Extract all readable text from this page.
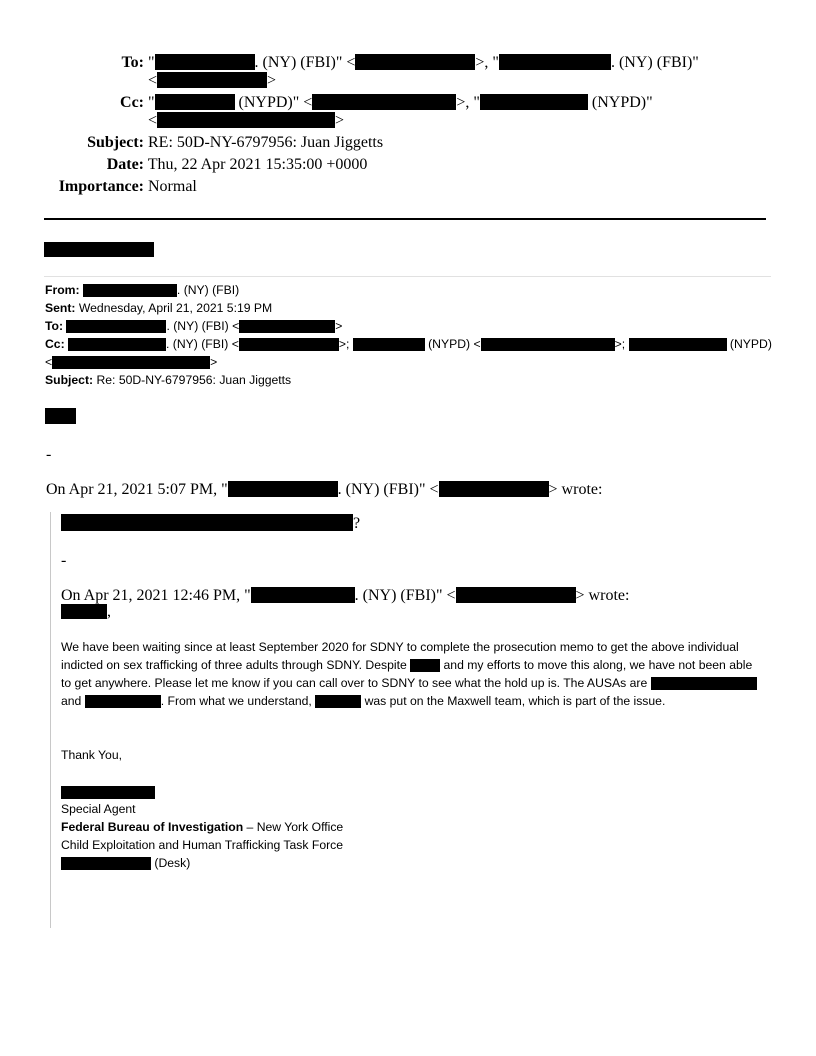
To: "	. (NY) (FBI)" <	>, "	. (NY) (FBI)"
<	>
Cc: "	(NYPD)" <	>, "	(NYPD)"
<	>
Subject: RE: 50D-NY-6797956: Juan Jiggetts
Date: Thu, 22 Apr 2021 15:35:00 +0000
Importance: Normal
From:	. (NY) (FBI)
Sent: Wednesday, April 21, 2021 5:19 PM
To:	. (NY) (FBI) <	>
Cc:	. (NY) (FBI) <	>;	(NYPD) <	>;	(NYPD)
<	>
Subject: Re: 50D-NY-6797956: Juan Jiggetts
-
On Apr 21, 2021 5:07 PM, "	. (NY) (FBI)" <	> wrote:
?
-
On Apr 21, 2021 12:46 PM, "	. (NY) (FBI)" <	> wrote:
,
We have been waiting since at least September 2020 for SDNY to complete the prosecution memo to get the above individual indicted on sex trafficking of three adults through SDNY. Despite	and my efforts to move this along, we have not been able to get anywhere. Please let me know if you can call over to SDNY to see what the hold up is. The AUSAs are  and	. From what we understand,	was put on the Maxwell team, which is part of the issue.
Thank You,
Special Agent
Federal Bureau of Investigation – New York Office
Child Exploitation and Human Trafficking Task Force
(Desk)
